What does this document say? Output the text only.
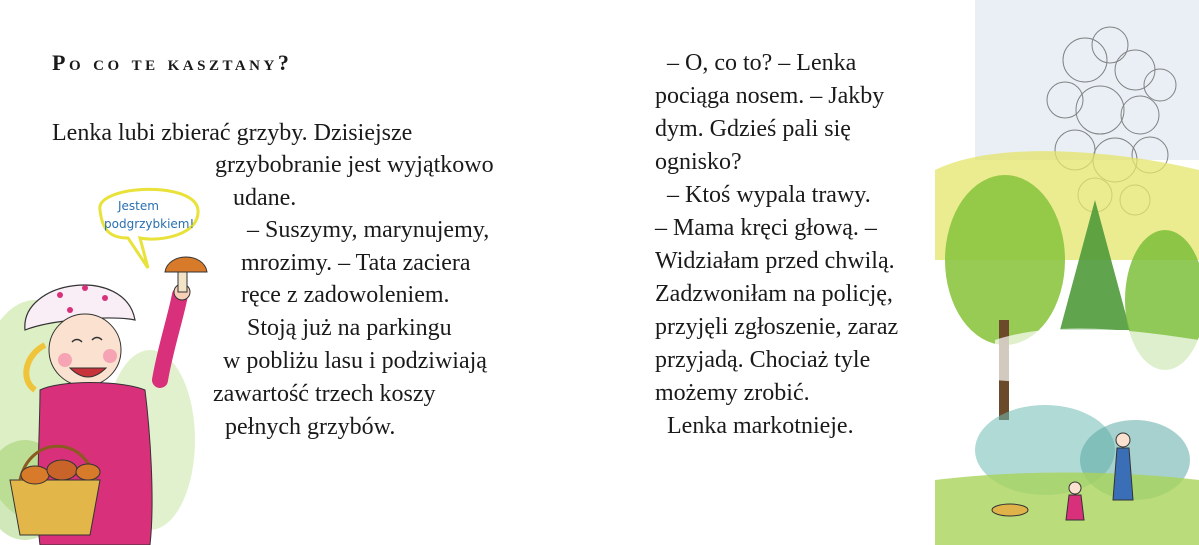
Po co te kasztany?
Lenka lubi zbierać grzyby. Dzisiejsze
grzybobranie jest wyjątkowo
udane.
– Suszymy, marynujemy,
mrozimy. – Tata zaciera
ręce z zadowoleniem.
Stoją już na parkingu
w pobliżu lasu i podziwiają
zawartość trzech koszy
pełnych grzybów.
– O, co to? – Lenka
pociąga nosem. – Jakby
dym. Gdzieś pali się
ognisko?
– Ktoś wypala trawy.
– Mama kręci głową. –
Widziałam przed chwilą.
Zadzwoniłam na policję,
przyjęli zgłoszenie, zaraz
przyjadą. Chociaż tyle
możemy zrobić.
Lenka markotnieje.
Jestem
podgrzybkiem!
